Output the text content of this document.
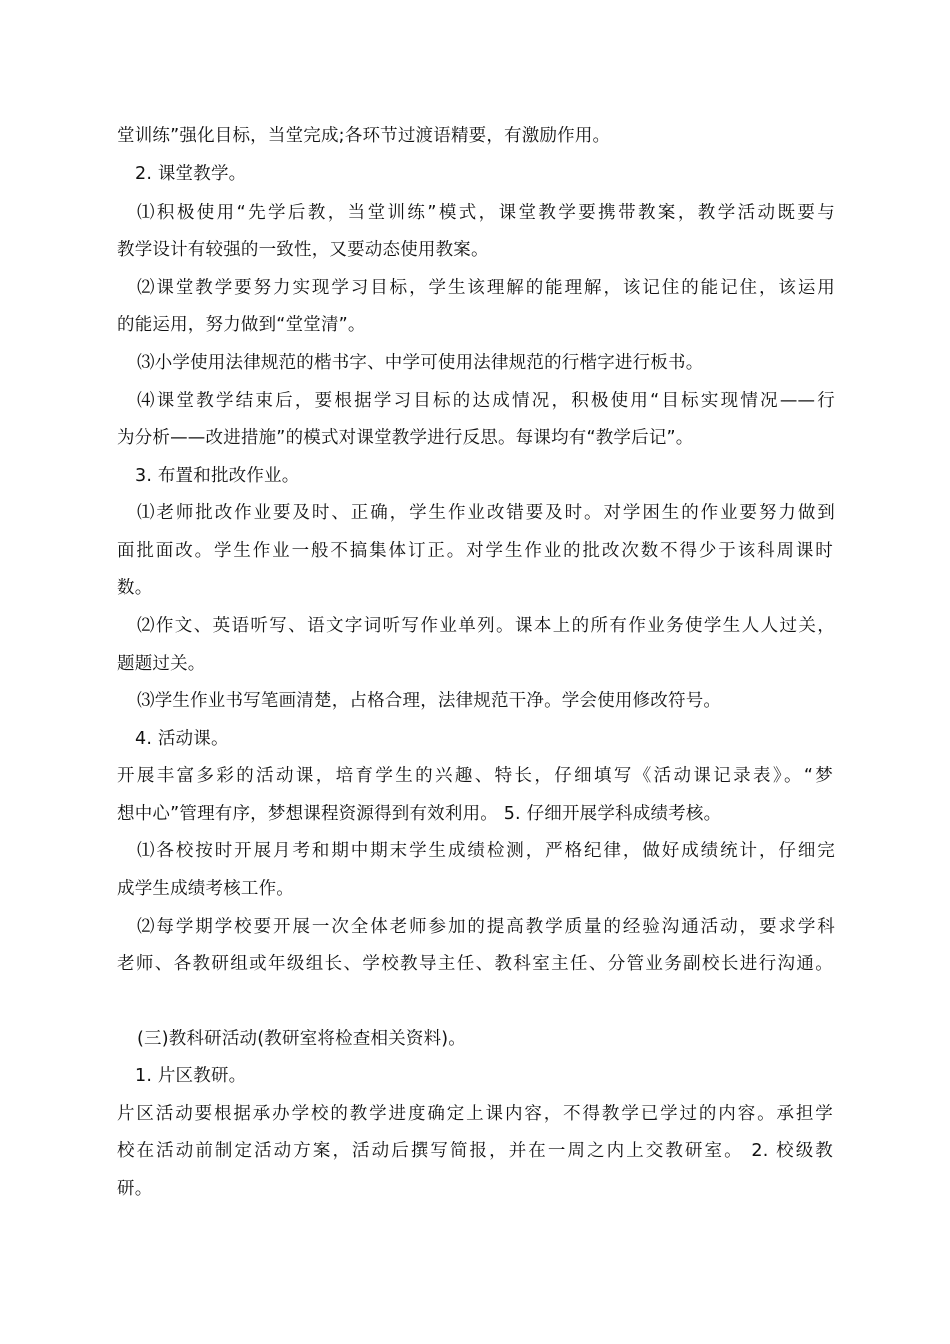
堂训练”强化目标，当堂完成;各环节过渡语精要，有激励作用。
2. 课堂教学。
⑴积极使用“先学后教，当堂训练”模式，课堂教学要携带教案，教学活动既要与
教学设计有较强的一致性，又要动态使用教案。
⑵课堂教学要努力实现学习目标，学生该理解的能理解，该记住的能记住，该运用
的能运用，努力做到“堂堂清”。
⑶小学使用法律规范的楷书字、中学可使用法律规范的行楷字进行板书。
⑷课堂教学结束后，要根据学习目标的达成情况，积极使用“目标实现情况——行
为分析——改进措施”的模式对课堂教学进行反思。每课均有“教学后记”。
3. 布置和批改作业。
⑴老师批改作业要及时、正确，学生作业改错要及时。对学困生的作业要努力做到
面批面改。学生作业一般不搞集体订正。对学生作业的批改次数不得少于该科周课时
数。
⑵作文、英语听写、语文字词听写作业单列。课本上的所有作业务使学生人人过关，
题题过关。
⑶学生作业书写笔画清楚，占格合理，法律规范干净。学会使用修改符号。
4. 活动课。
开展丰富多彩的活动课，培育学生的兴趣、特长，仔细填写《活动课记录表》。“梦
想中心”管理有序，梦想课程资源得到有效利用。 5. 仔细开展学科成绩考核。
⑴各校按时开展月考和期中期末学生成绩检测，严格纪律，做好成绩统计，仔细完
成学生成绩考核工作。
⑵每学期学校要开展一次全体老师参加的提高教学质量的经验沟通活动，要求学科
老师、各教研组或年级组长、学校教导主任、教科室主任、分管业务副校长进行沟通。
(三)教科研活动(教研室将检查相关资料)。
1. 片区教研。
片区活动要根据承办学校的教学进度确定上课内容，不得教学已学过的内容。承担学
校在活动前制定活动方案，活动后撰写简报，并在一周之内上交教研室。 2. 校级教
研。
